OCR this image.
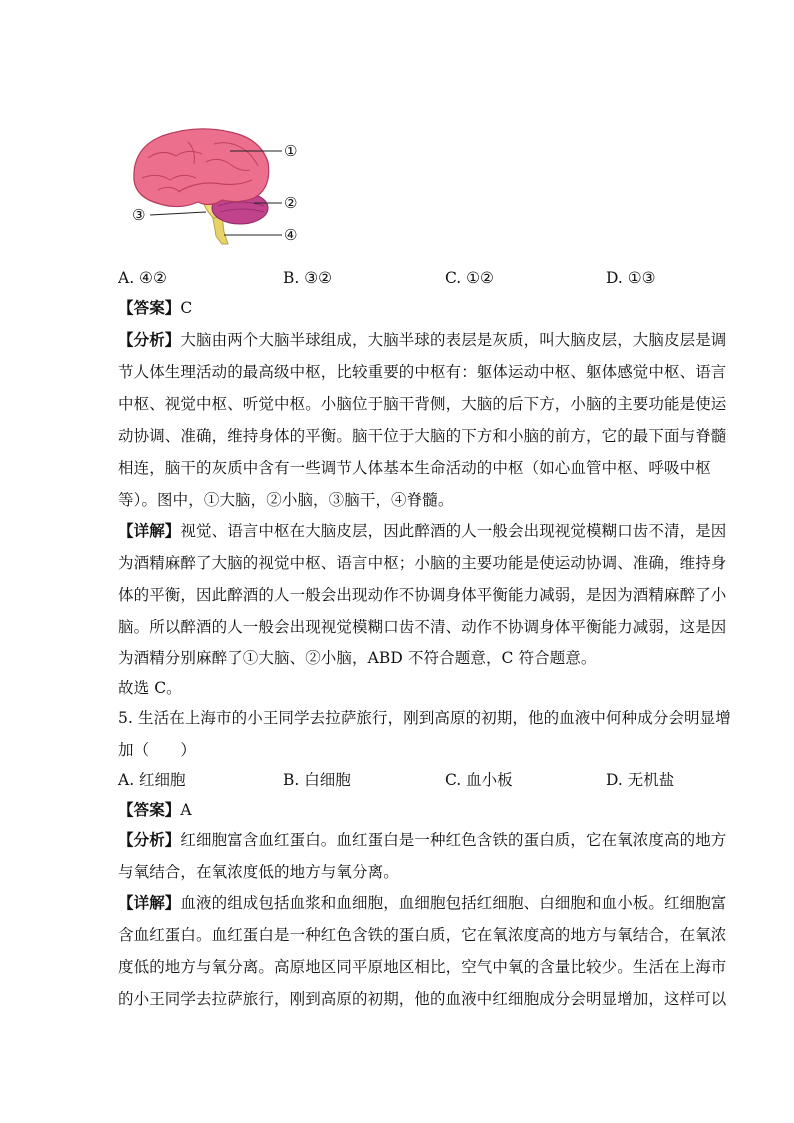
①
②
③
④
A. ④②	B. ③②	C. ①②	D. ①③
【答案】C
【分析】大脑由两个大脑半球组成，大脑半球的表层是灰质，叫大脑皮层，大脑皮层是调
节人体生理活动的最高级中枢，比较重要的中枢有：躯体运动中枢、躯体感觉中枢、语言
中枢、视觉中枢、听觉中枢。小脑位于脑干背侧，大脑的后下方，小脑的主要功能是使运
动协调、准确，维持身体的平衡。脑干位于大脑的下方和小脑的前方，它的最下面与脊髓
相连，脑干的灰质中含有一些调节人体基本生命活动的中枢（如心血管中枢、呼吸中枢
等）。图中，①大脑，②小脑，③脑干，④脊髓。
【详解】视觉、语言中枢在大脑皮层，因此醉酒的人一般会出现视觉模糊口齿不清，是因
为酒精麻醉了大脑的视觉中枢、语言中枢；小脑的主要功能是使运动协调、准确，维持身
体的平衡，因此醉酒的人一般会出现动作不协调身体平衡能力减弱，是因为酒精麻醉了小
脑。所以醉酒的人一般会出现视觉模糊口齿不清、动作不协调身体平衡能力减弱，这是因
为酒精分别麻醉了①大脑、②小脑，ABD 不符合题意，C 符合题意。
故选 C。
5. 生活在上海市的小王同学去拉萨旅行，刚到高原的初期，他的血液中何种成分会明显增
加（　　）
A. 红细胞	B. 白细胞	C. 血小板	D. 无机盐
【答案】A
【分析】红细胞富含血红蛋白。血红蛋白是一种红色含铁的蛋白质，它在氧浓度高的地方
与氧结合，在氧浓度低的地方与氧分离。
【详解】血液的组成包括血浆和血细胞，血细胞包括红细胞、白细胞和血小板。红细胞富
含血红蛋白。血红蛋白是一种红色含铁的蛋白质，它在氧浓度高的地方与氧结合，在氧浓
度低的地方与氧分离。高原地区同平原地区相比，空气中氧的含量比较少。生活在上海市
的小王同学去拉萨旅行，刚到高原的初期，他的血液中红细胞成分会明显增加，这样可以
